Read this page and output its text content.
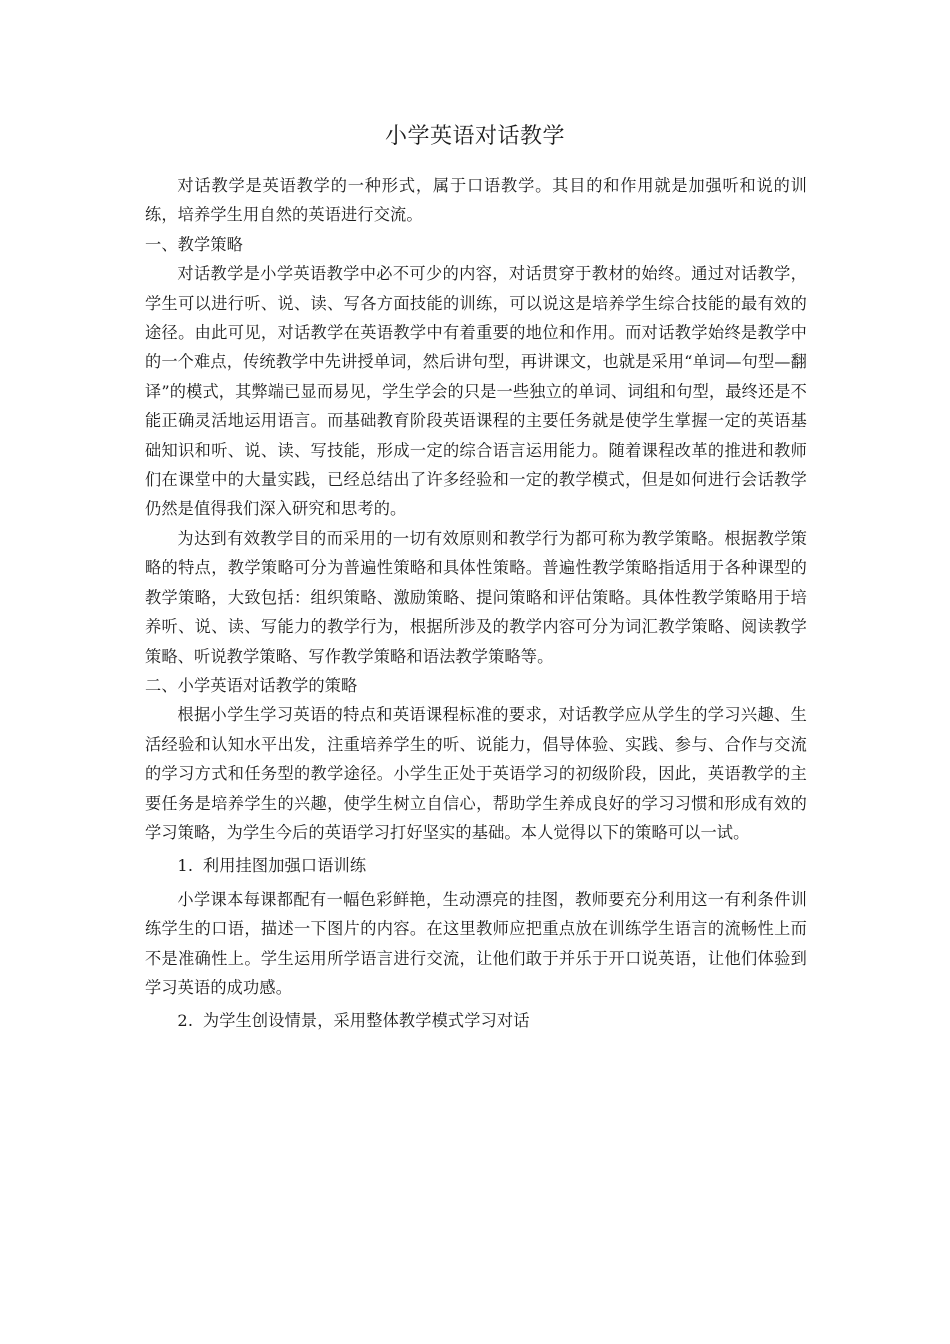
小学英语对话教学

对话教学是英语教学的一种形式，属于口语教学。其目的和作用就是加强听和说的训练，培养学生用自然的英语进行交流。

一、教学策略

对话教学是小学英语教学中必不可少的内容，对话贯穿于教材的始终。通过对话教学，学生可以进行听、说、读、写各方面技能的训练，可以说这是培养学生综合技能的最有效的途径。由此可见，对话教学在英语教学中有着重要的地位和作用。而对话教学始终是教学中的一个难点，传统教学中先讲授单词，然后讲句型，再讲课文，也就是采用“单词—句型—翻译”的模式，其弊端已显而易见，学生学会的只是一些独立的单词、词组和句型，最终还是不能正确灵活地运用语言。而基础教育阶段英语课程的主要任务就是使学生掌握一定的英语基础知识和听、说、读、写技能，形成一定的综合语言运用能力。随着课程改革的推进和教师们在课堂中的大量实践，已经总结出了许多经验和一定的教学模式，但是如何进行会话教学仍然是值得我们深入研究和思考的。

为达到有效教学目的而采用的一切有效原则和教学行为都可称为教学策略。根据教学策略的特点，教学策略可分为普遍性策略和具体性策略。普遍性教学策略指适用于各种课型的教学策略，大致包括：组织策略、激励策略、提问策略和评估策略。具体性教学策略用于培养听、说、读、写能力的教学行为，根据所涉及的教学内容可分为词汇教学策略、阅读教学策略、听说教学策略、写作教学策略和语法教学策略等。

二、小学英语对话教学的策略

根据小学生学习英语的特点和英语课程标准的要求，对话教学应从学生的学习兴趣、生活经验和认知水平出发，注重培养学生的听、说能力，倡导体验、实践、参与、合作与交流的学习方式和任务型的教学途径。小学生正处于英语学习的初级阶段，因此，英语教学的主要任务是培养学生的兴趣，使学生树立自信心，帮助学生养成良好的学习习惯和形成有效的学习策略，为学生今后的英语学习打好坚实的基础。本人觉得以下的策略可以一试。

1. 利用挂图加强口语训练

小学课本每课都配有一幅色彩鲜艳，生动漂亮的挂图，教师要充分利用这一有利条件训练学生的口语，描述一下图片的内容。在这里教师应把重点放在训练学生语言的流畅性上而不是准确性上。学生运用所学语言进行交流，让他们敢于并乐于开口说英语，让他们体验到学习英语的成功感。

2. 为学生创设情景，采用整体教学模式学习对话
